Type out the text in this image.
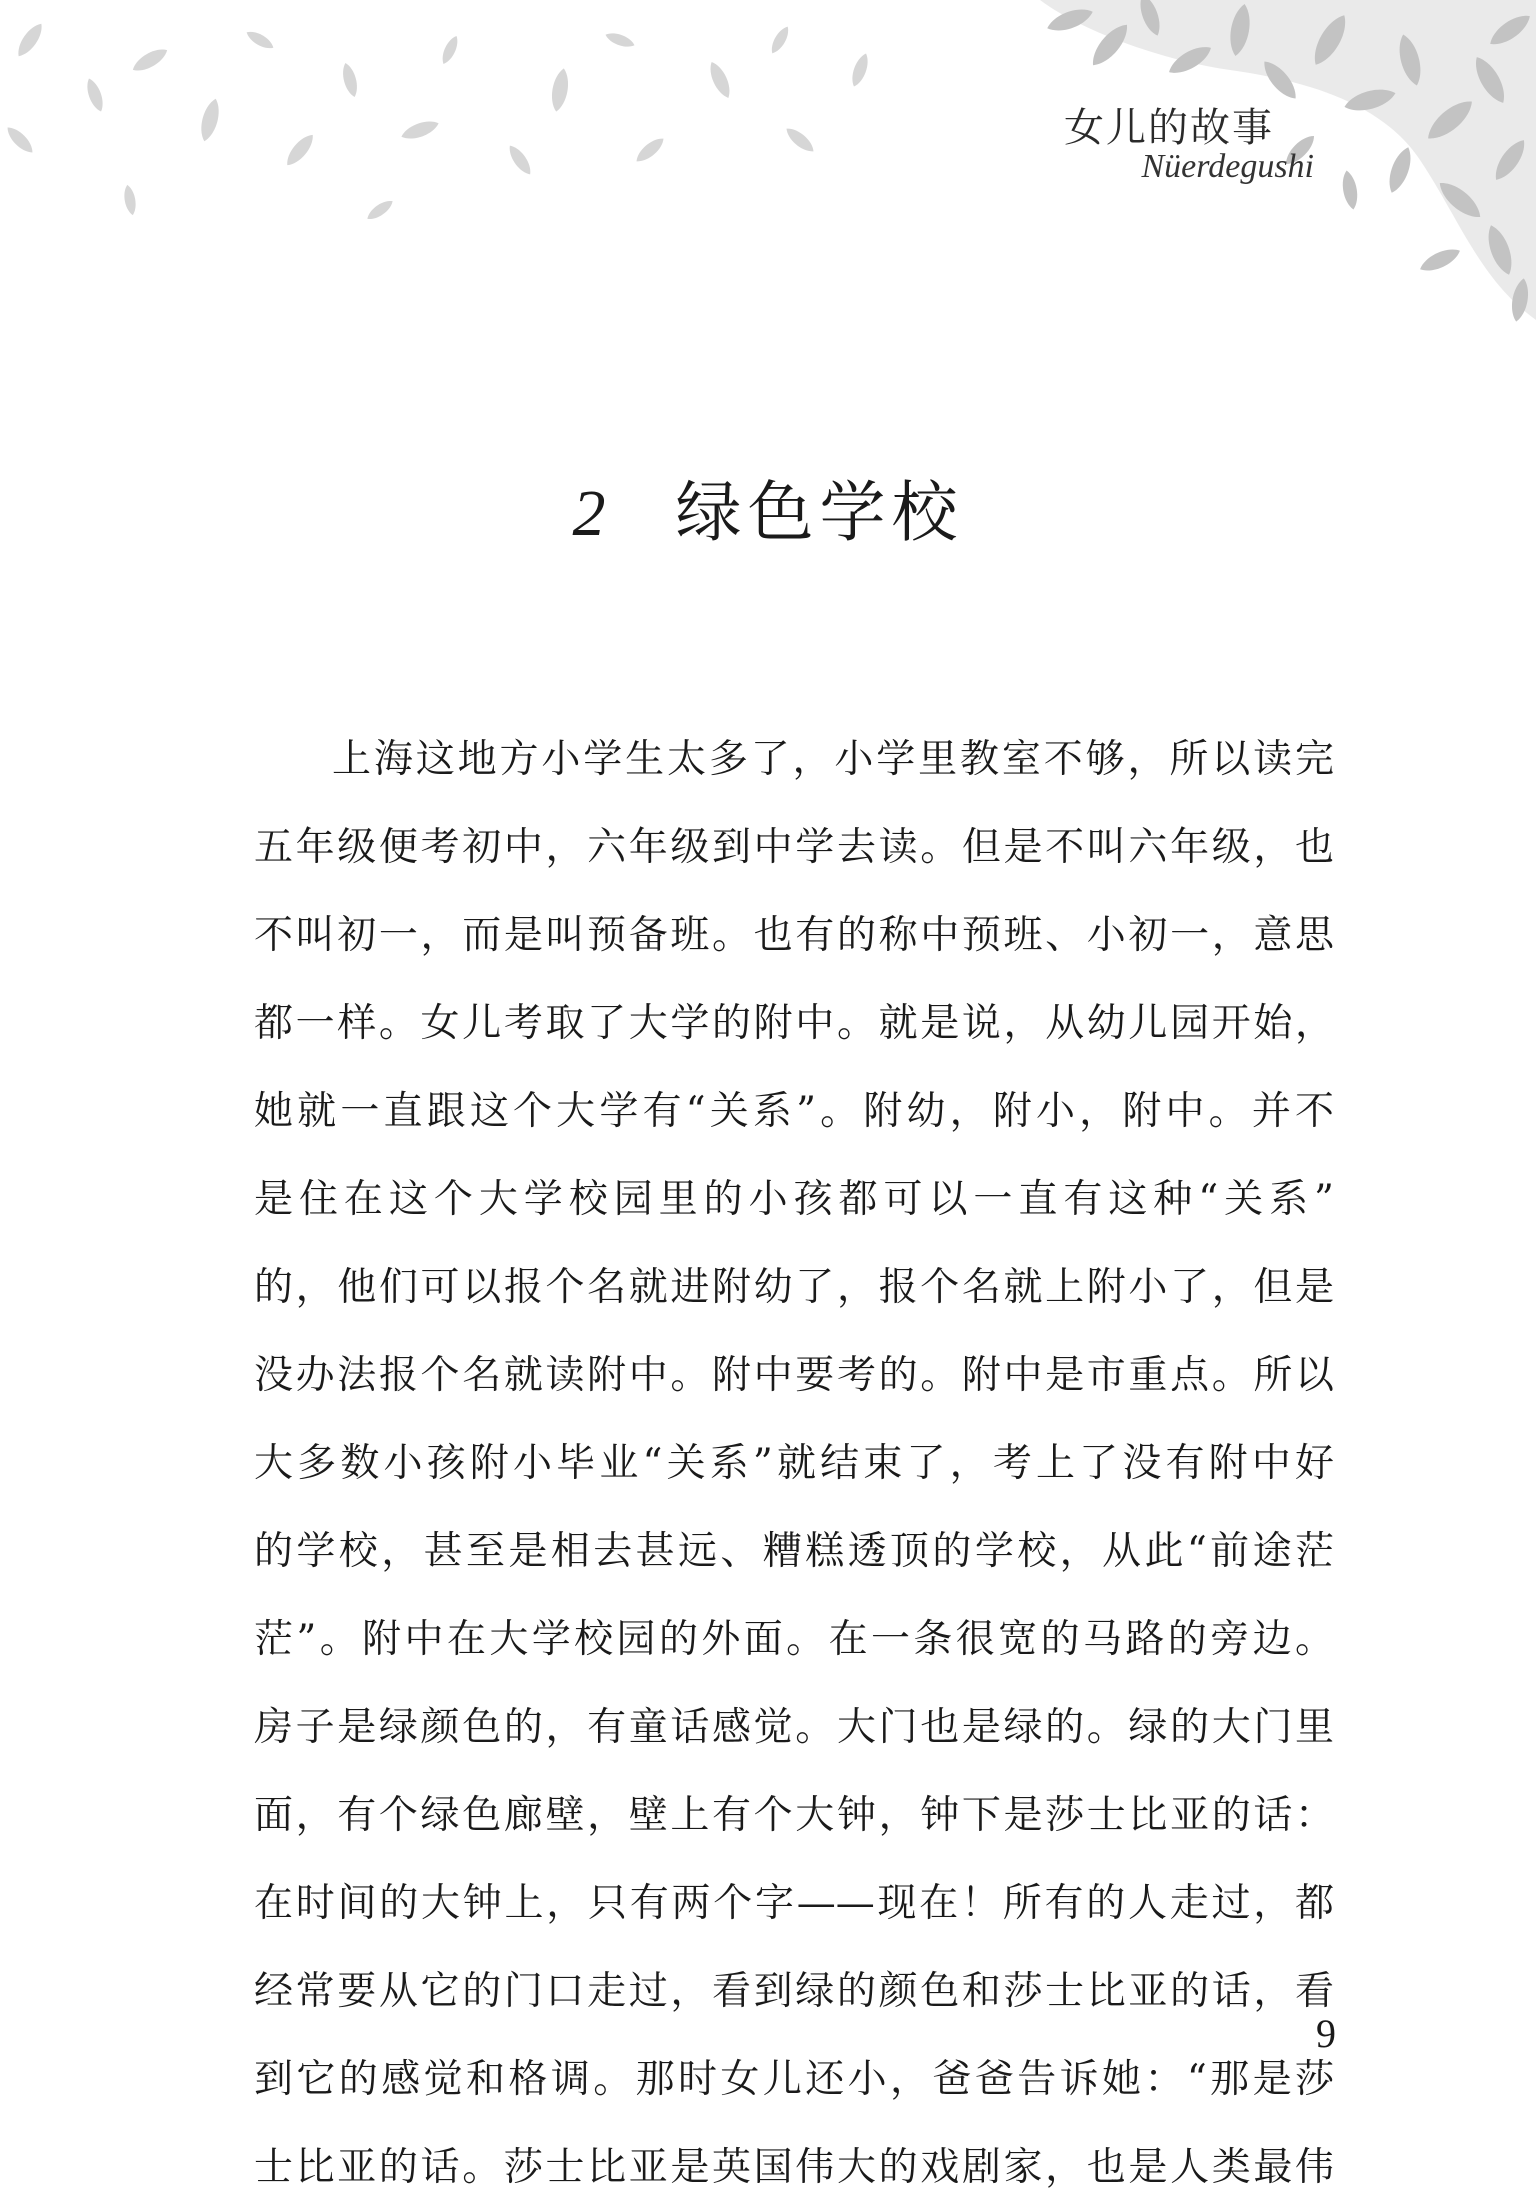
女儿的故事
Nüerdegushi
2 绿色学校
上海这地方小学生太多了，小学里教室不够，所以读完
五年级便考初中，六年级到中学去读。但是不叫六年级，也
不叫初一，而是叫预备班。也有的称中预班、小初一，意思
都一样。女儿考取了大学的附中。就是说，从幼儿园开始，
她就一直跟这个大学有“关系”。附幼，附小，附中。并不
是住在这个大学校园里的小孩都可以一直有这种“关系”
的，他们可以报个名就进附幼了，报个名就上附小了，但是
没办法报个名就读附中。附中要考的。附中是市重点。所以
大多数小孩附小毕业“关系”就结束了，考上了没有附中好
的学校，甚至是相去甚远、糟糕透顶的学校，从此“前途茫
茫”。附中在大学校园的外面。在一条很宽的马路的旁边。
房子是绿颜色的，有童话感觉。大门也是绿的。绿的大门里
面，有个绿色廊壁，壁上有个大钟，钟下是莎士比亚的话：
在时间的大钟上，只有两个字——现在！所有的人走过，都
经常要从它的门口走过，看到绿的颜色和莎士比亚的话，看
到它的感觉和格调。那时女儿还小，爸爸告诉她：“那是莎
士比亚的话。莎士比亚是英国伟大的戏剧家，也是人类最伟
9
